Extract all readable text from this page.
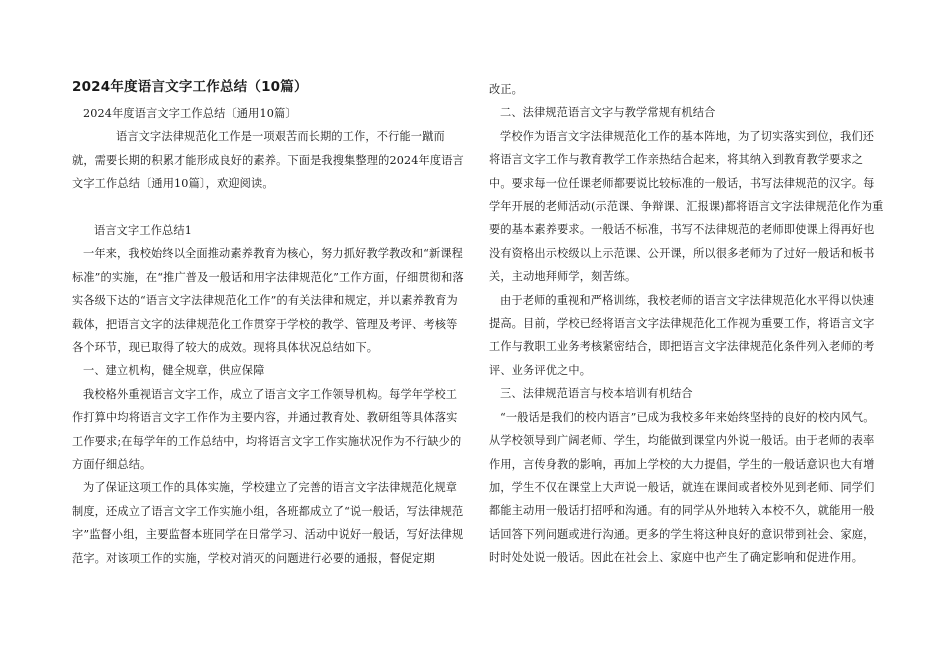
2024年度语言文字工作总结（10篇）

2024年度语言文字工作总结〔通用10篇〕

语言文字法律规范化工作是一项艰苦而长期的工作，不行能一蹴而就，需要长期的积累才能形成良好的素养。下面是我搜集整理的2024年度语言文字工作总结〔通用10篇〕，欢迎阅读。

语言文字工作总结1

一年来，我校始终以全面推动素养教育为核心，努力抓好教学教改和“新课程标准”的实施，在“推广普及一般话和用字法律规范化”工作方面，仔细贯彻和落实各级下达的“语言文字法律规范化工作”的有关法律和规定，并以素养教育为载体，把语言文字的法律规范化工作贯穿于学校的教学、管理及考评、考核等各个环节，现已取得了较大的成效。现将具体状况总结如下。

一、建立机构，健全规章，供应保障

我校格外重视语言文字工作，成立了语言文字工作领导机构。每学年学校工作打算中均将语言文字工作作为主要内容，并通过教育处、教研组等具体落实工作要求;在每学年的工作总结中，均将语言文字工作实施状况作为不行缺少的方面仔细总结。

为了保证这项工作的具体实施，学校建立了完善的语言文字法律规范化规章制度，还成立了语言文字工作实施小组，各班都成立了“说一般话，写法律规范字”监督小组，主要监督本班同学在日常学习、活动中说好一般话，写好法律规范字。对该项工作的实施，学校对消灭的问题进行必要的通报，督促定期

改正。

二、法律规范语言文字与教学常规有机结合

学校作为语言文字法律规范化工作的基本阵地，为了切实落实到位，我们还将语言文字工作与教育教学工作亲热结合起来，将其纳入到教育教学要求之中。要求每一位任课老师都要说比较标准的一般话，书写法律规范的汉字。每学年开展的老师活动(示范课、争辩课、汇报课)都将语言文字法律规范化作为重要的基本素养要求。一般话不标准，书写不法律规范的老师即使课上得再好也没有资格出示校级以上示范课、公开课，所以很多老师为了过好一般话和板书关，主动地拜师学，刻苦练。

由于老师的重视和严格训练，我校老师的语言文字法律规范化水平得以快速提高。目前，学校已经将语言文字法律规范化工作视为重要工作，将语言文字工作与教职工业务考核紧密结合，即把语言文字法律规范化条件列入老师的考评、业务评优之中。

三、法律规范语言与校本培训有机结合

“一般话是我们的校内语言”已成为我校多年来始终坚持的良好的校内风气。从学校领导到广阔老师、学生，均能做到课堂内外说一般话。由于老师的表率作用，言传身教的影响，再加上学校的大力提倡，学生的一般话意识也大有增加，学生不仅在课堂上大声说一般话，就连在课间或者校外见到老师、同学们都能主动用一般话打招呼和沟通。有的同学从外地转入本校不久，就能用一般话回答下列问题或进行沟通。更多的学生将这种良好的意识带到社会、家庭，时时处处说一般话。因此在社会上、家庭中也产生了确定影响和促进作用。
